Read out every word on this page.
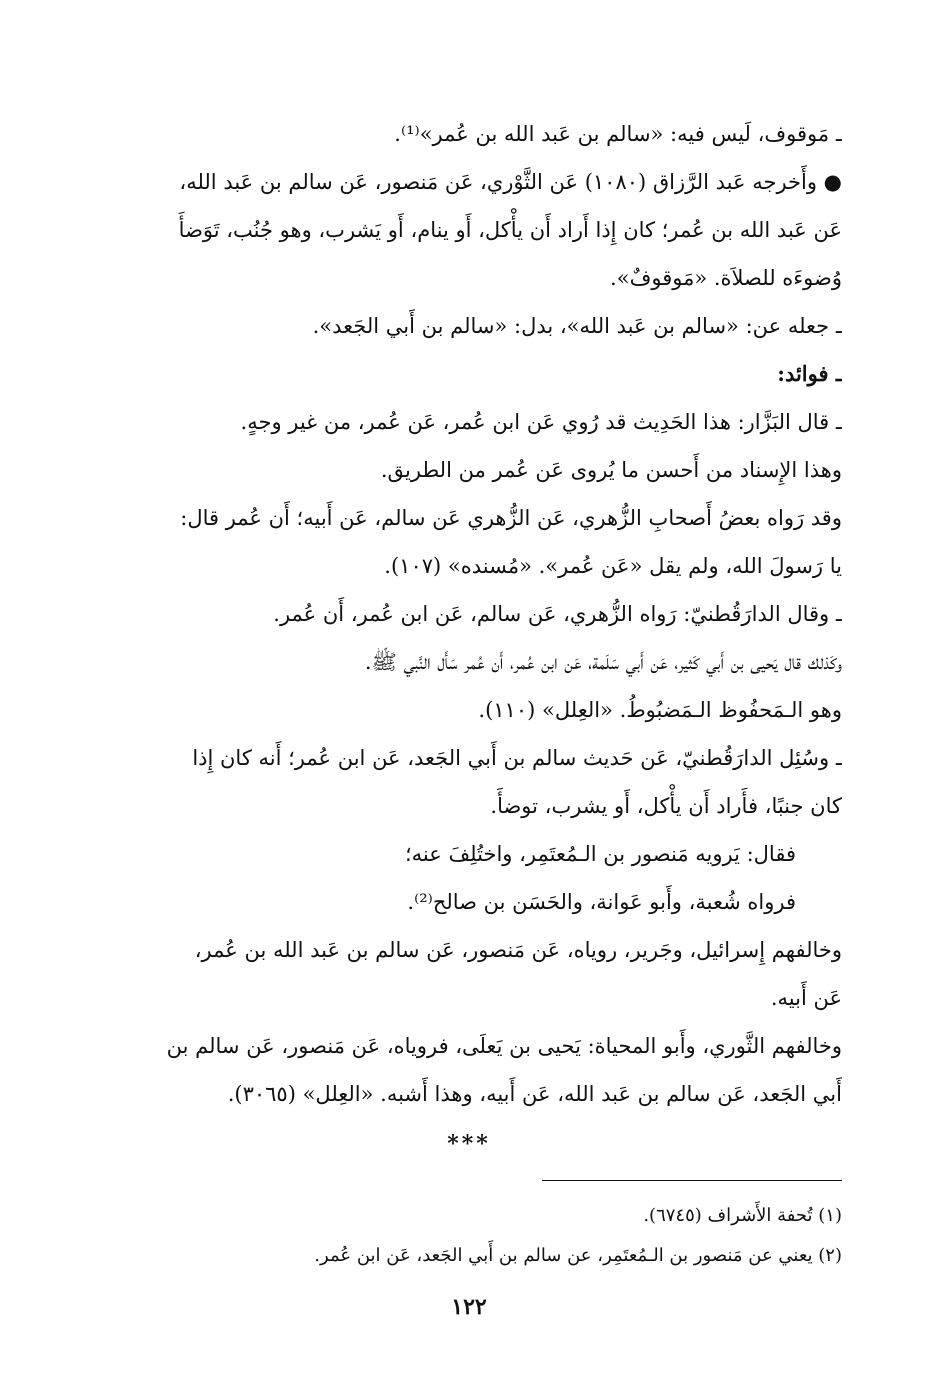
ـ مَوقوف، لَيس فيه: «سالم بن عَبد الله بن عُمر»⁽¹⁾.

● وأَخرجه عَبد الرَّزاق (١٠٨٠) عَن الثَّوْري، عَن مَنصور، عَن سالم بن عَبد الله،

عَن عَبد الله بن عُمر؛ كان إِذا أَراد أَن يأْكل، أَو ينام، أَو يَشرب، وهو جُنُب، تَوَضأَ

وُضوءَه للصلاَة. «مَوقوفٌ».

ـ جعله عن: «سالم بن عَبد الله»، بدل: «سالم بن أَبي الجَعد».

ـ فوائد:

ـ قال البَزَّار: هذا الحَدِيث قد رُوي عَن ابن عُمر، عَن عُمر، من غير وجهٍ.

وهذا الإِسناد من أَحسن ما يُروى عَن عُمر من الطريق.

وقد رَواه بعضُ أَصحابِ الزُّهري، عَن الزُّهري عَن سالم، عَن أَبيه؛ أَن عُمر قال:

يا رَسولَ الله، ولم يقل «عَن عُمر». «مُسنده» (١٠٧).

ـ وقال الدارَقُطنيّ: رَواه الزُّهري، عَن سالم، عَن ابن عُمر، أَن عُمر.

وكَذلك قال يَحيى بن أَبي كَثير، عَن أَبي سَلَمة، عَن ابن عُمر، أَن عُمر سَأَل النَّبي ﷺ.

وهو الـمَحفُوظ الـمَضبُوطُ. «العِلل» (١١٠).

ـ وسُئِل الدارَقُطنيّ، عَن حَديث سالم بن أَبي الجَعد، عَن ابن عُمر؛ أَنه كان إِذا

كان جنبًا، فأَراد أَن يأْكل، أَو يشرب، توضأَ.

فقال: يَرويه مَنصور بن الـمُعتَمِر، واختُلِفَ عنه؛

فرواه شُعبة، وأَبو عَوانة، والحَسَن بن صالح⁽²⁾.

وخالفهم إِسرائيل، وجَرير، روياه، عَن مَنصور، عَن سالم بن عَبد الله بن عُمر،

عَن أَبيه.

وخالفهم الثَّوري، وأَبو المحياة: يَحيى بن يَعلَى، فروياه، عَن مَنصور، عَن سالم بن

أَبي الجَعد، عَن سالم بن عَبد الله، عَن أَبيه، وهذا أَشبه. «العِلل» (٣٠٦٥).

***

(١) تُحفة الأَشراف (٦٧٤٥).

(٢) يعني عن مَنصور بن الـمُعتَمِر، عن سالم بن أَبي الجَعد، عَن ابن عُمر.

١٢٢
